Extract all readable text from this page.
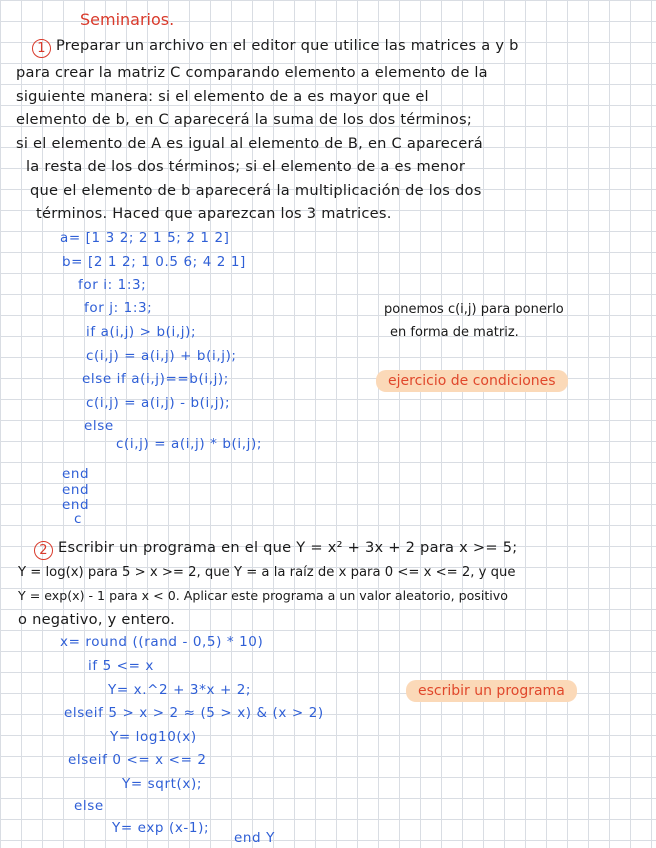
Seminarios.
1 Preparar un archivo en el editor que utilice las matrices a y b
para crear la matriz C comparando elemento a elemento de la
siguiente manera: si el elemento de a es mayor que el
elemento de b, en C aparecerá la suma de los dos términos;
si el elemento de A es igual al elemento de B, en C aparecerá
la resta de los dos términos; si el elemento de a es menor
que el elemento de b aparecerá la multiplicación de los dos
términos. Haced que aparezcan los 3 matrices.
a= [1 3 2; 2 1 5; 2 1 2]
b= [2 1 2; 1 0.5 6; 4 2 1]
for i: 1:3;
for j: 1:3;
if a(i,j) > b(i,j);
c(i,j) = a(i,j) + b(i,j);
else if a(i,j)==b(i,j);
c(i,j) = a(i,j) - b(i,j);
else
c(i,j) = a(i,j) * b(i,j);
end
end
end
c
ponemos c(i,j) para ponerlo
en forma de matriz.
ejercicio de condiciones
2 Escribir un programa en el que Y = x² + 3x + 2 para x >= 5;
Y = log(x) para 5 > x >= 2, que Y = a la raíz de x para 0 <= x <= 2, y que
Y = exp(x) - 1 para x < 0. Aplicar este programa a un valor aleatorio, positivo
o negativo, y entero.
x= round ((rand - 0,5) * 10)
if 5 <= x
Y= x.^2 + 3*x + 2;
elseif 5 > x > 2 ≈ (5 > x) & (x > 2)
Y= log10(x)
elseif 0 <= x <= 2
Y= sqrt(x);
else
Y= exp (x-1);
end Y
escribir un programa
